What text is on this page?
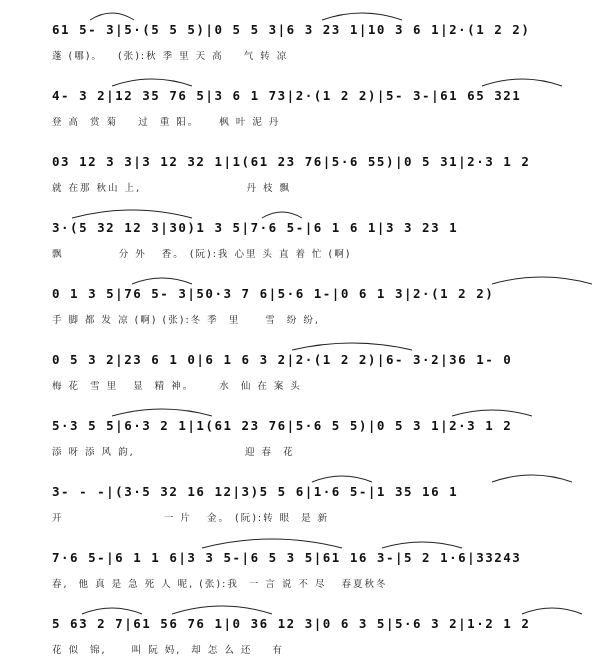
61 5- 3|5·(5 5 5)|0 5 5 3|6 3 23 1|10 3 6 1|2·(1 2 2)
蓬 (哪)。   (张):秋 季 里 天 高    气 转 凉
4- 3 2|12 35 76 5|3 6 1 73|2·(1 2 2)|5- 3-|61 65 321
登 高  赏 菊    过  重 阳。    枫 叶 泥 丹
03 12 3 3|3 12 32 1|1(61 23 76|5·6 55)|0 5 31|2·3 1 2
就 在那 秋山 上,                     丹 枝 飘
3·(5 32 12 3|30)1 3 5|7·6 5-|6 1 6 1|3 3 23 1
飘           分 外   香。 (阮):我 心里 头 直 着 忙 (啊)
0 1 3 5|76 5- 3|50·3 7 6|5·6 1-|0 6 1 3|2·(1 2 2)
手 脚 都 发 凉 (啊) (张):冬 季  里     雪  纷 纷,
0 5 3 2|23 6 1 0|6 1 6 3 2|2·(1 2 2)|6- 3·2|36 1- 0
梅 花  雪 里   显  精 神。     水  仙 在 案 头
5·3 5 5|6·3 2 1|1(61 23 76|5·6 5 5)|0 5 3 1|2·3 1 2
添 呀 添 风 韵,                      迎 春  花
3- - -|(3·5 32 16 12|3)5 5 6|1·6 5-|1 35 16 1
开                    一 片   金。 (阮):转 眼  是 新
7·6 5-|6 1 1 6|3 3 5-|6 5 3 5|61 16 3-|5 2 1·6|33243
春,  他 真 是 急 死 人 呢, (张):我  一 言 说 不 尽   春夏秋冬
5 63 2 7|61 56 76 1|0 36 12 3|0 6 3 5|5·6 3 2|1·2 1 2
花 似  锦,     叫 阮 妈,  却 怎 么 还    有
